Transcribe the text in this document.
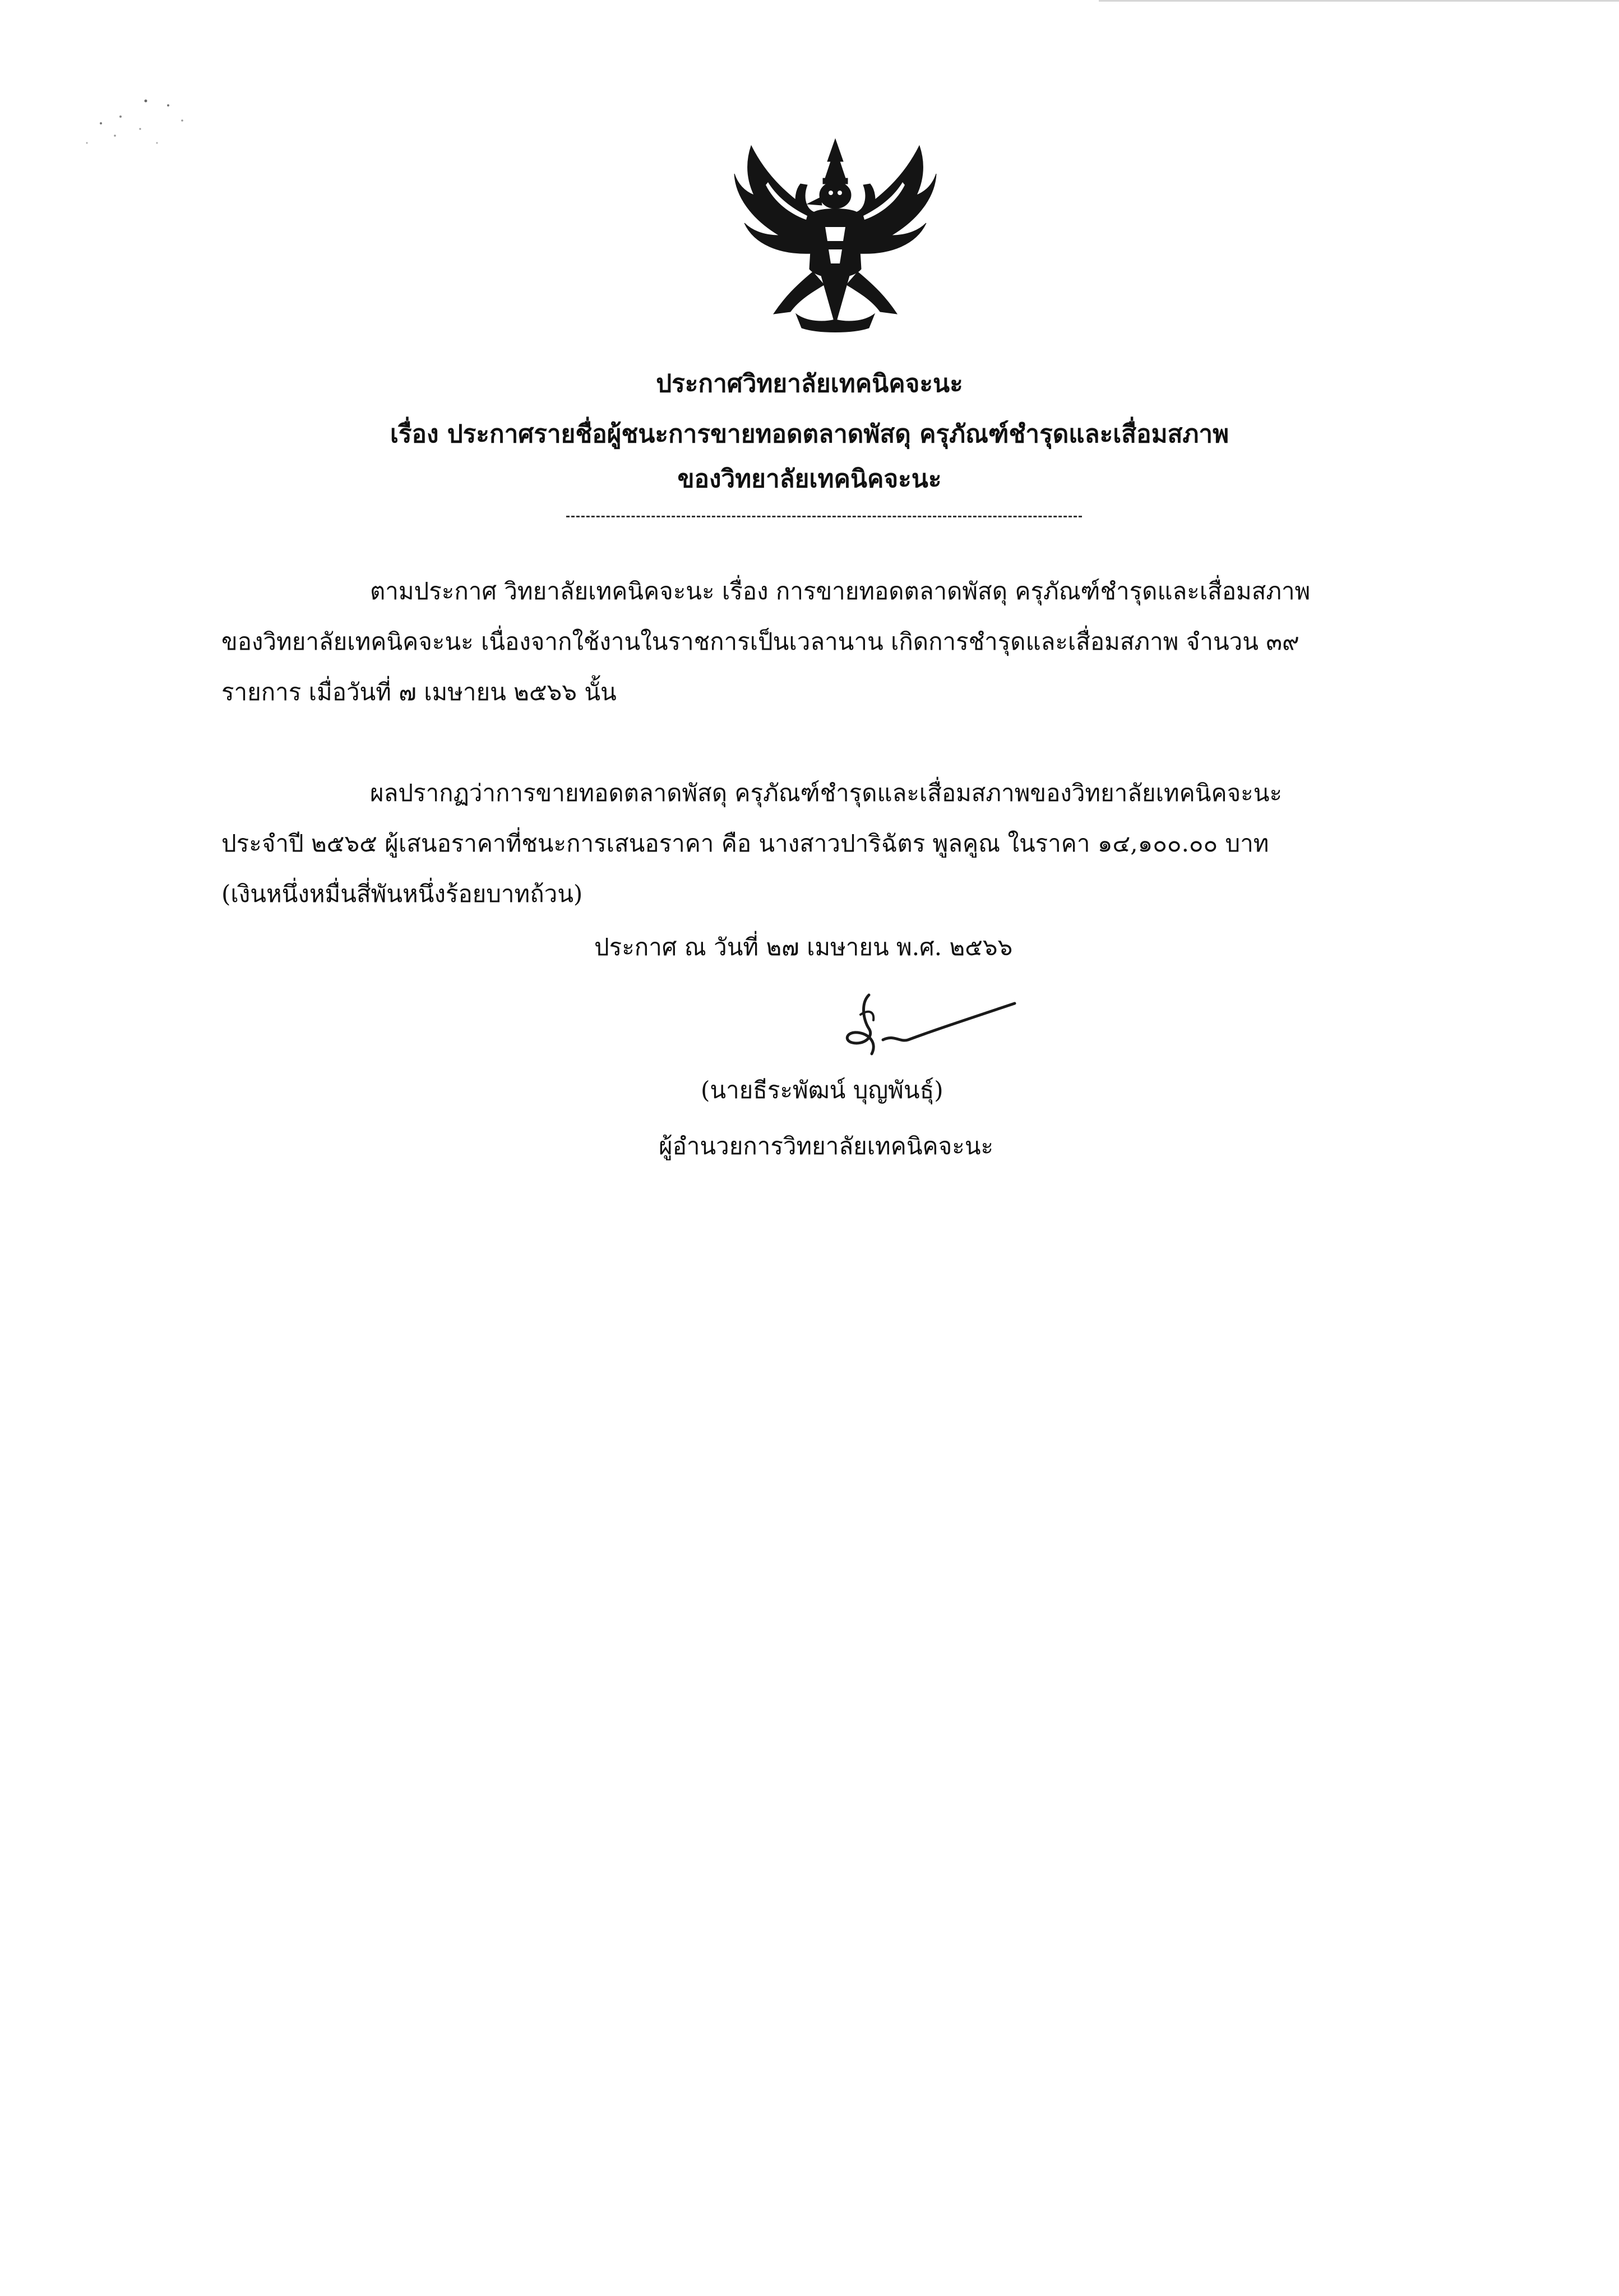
ประกาศวิทยาลัยเทคนิคจะนะ

เรื่อง ประกาศรายชื่อผู้ชนะการขายทอดตลาดพัสดุ ครุภัณฑ์ชำรุดและเสื่อมสภาพ

ของวิทยาลัยเทคนิคจะนะ

ตามประกาศ วิทยาลัยเทคนิคจะนะ เรื่อง การขายทอดตลาดพัสดุ ครุภัณฑ์ชำรุดและเสื่อมสภาพ
ของวิทยาลัยเทคนิคจะนะ เนื่องจากใช้งานในราชการเป็นเวลานาน เกิดการชำรุดและเสื่อมสภาพ จำนวน ๓๙
รายการ เมื่อวันที่ ๗ เมษายน ๒๕๖๖ นั้น
ผลปรากฏว่าการขายทอดตลาดพัสดุ ครุภัณฑ์ชำรุดและเสื่อมสภาพของวิทยาลัยเทคนิคจะนะ
ประจำปี ๒๕๖๕ ผู้เสนอราคาที่ชนะการเสนอราคา คือ นางสาวปาริฉัตร พูลคูณ ในราคา ๑๔,๑๐๐.๐๐ บาท
(เงินหนึ่งหมื่นสี่พันหนึ่งร้อยบาทถ้วน)
ประกาศ ณ วันที่ ๒๗ เมษายน พ.ศ. ๒๕๖๖
(นายธีระพัฒน์ บุญพันธุ์)
ผู้อำนวยการวิทยาลัยเทคนิคจะนะ
